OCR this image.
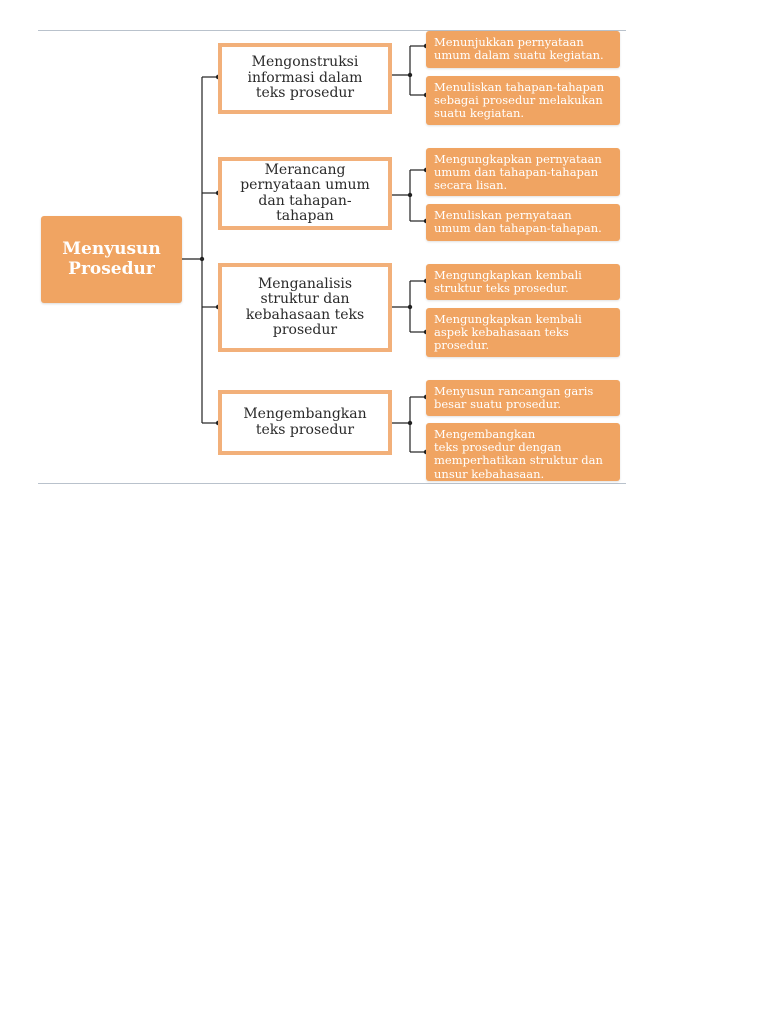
Menyusun
Prosedur
Mengonstruksi
informasi dalam
teks prosedur
Merancang
pernyataan umum
dan tahapan-tahapan
Menganalisis
struktur dan
kebahasaan teks
prosedur
Mengembangkan
teks prosedur
Menunjukkan pernyataan
umum dalam suatu kegiatan.
Menuliskan tahapan-tahapan
sebagai prosedur melakukan
suatu kegiatan.
Mengungkapkan pernyataan
umum dan tahapan-tahapan
secara lisan.
Menuliskan pernyataan
umum dan tahapan-tahapan.
Mengungkapkan kembali
struktur teks prosedur.
Mengungkapkan kembali
aspek kebahasaan teks
prosedur.
Menyusun rancangan garis
besar suatu prosedur.
Mengembangkan
teks prosedur dengan
memperhatikan struktur dan
unsur kebahasaan.
